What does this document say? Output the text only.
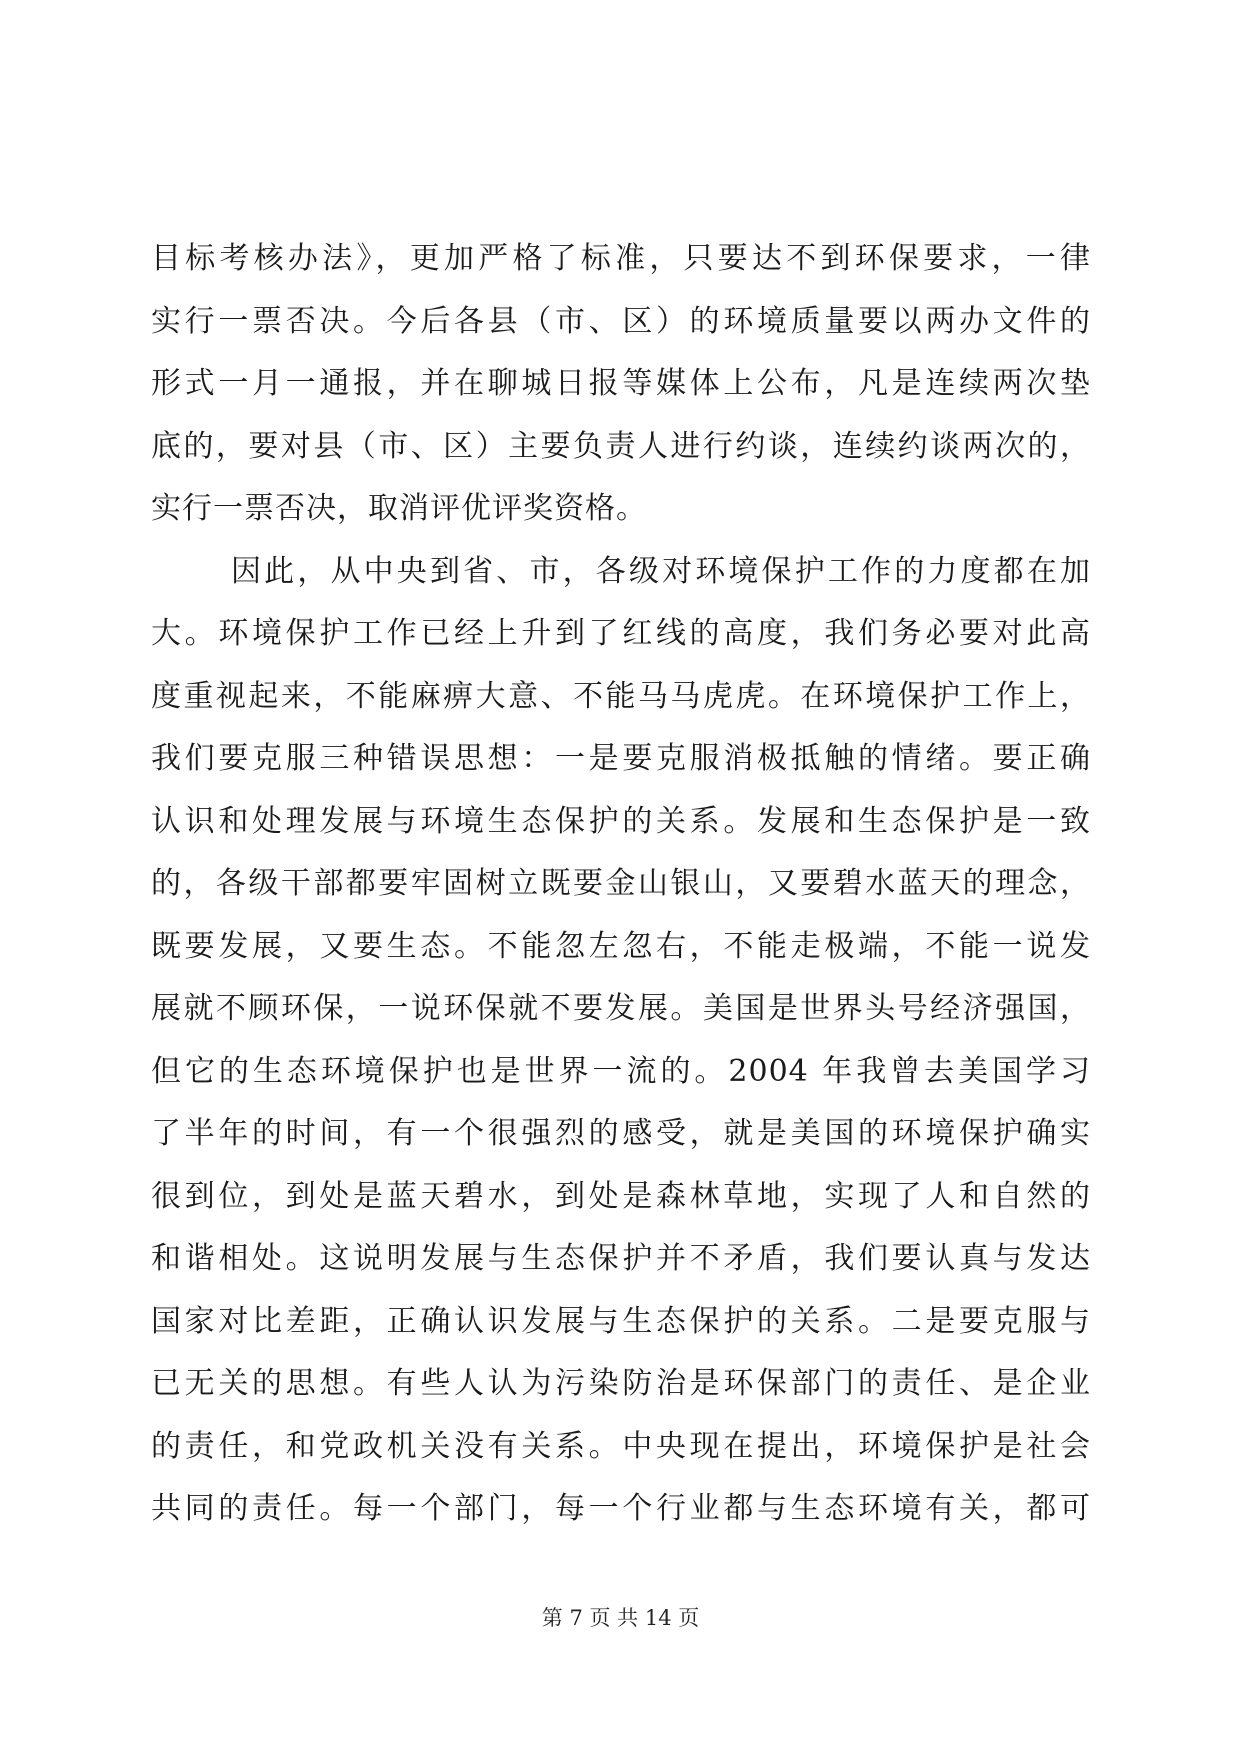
目标考核办法》，更加严格了标准，只要达不到环保要求，一律
实行一票否决。今后各县（市、区）的环境质量要以两办文件的
形式一月一通报，并在聊城日报等媒体上公布，凡是连续两次垫
底的，要对县（市、区）主要负责人进行约谈，连续约谈两次的，
实行一票否决，取消评优评奖资格。
因此，从中央到省、市，各级对环境保护工作的力度都在加
大。环境保护工作已经上升到了红线的高度，我们务必要对此高
度重视起来，不能麻痹大意、不能马马虎虎。在环境保护工作上，
我们要克服三种错误思想：一是要克服消极抵触的情绪。要正确
认识和处理发展与环境生态保护的关系。发展和生态保护是一致
的，各级干部都要牢固树立既要金山银山，又要碧水蓝天的理念，
既要发展，又要生态。不能忽左忽右，不能走极端，不能一说发
展就不顾环保，一说环保就不要发展。美国是世界头号经济强国，
但它的生态环境保护也是世界一流的。2004 年我曾去美国学习
了半年的时间，有一个很强烈的感受，就是美国的环境保护确实
很到位，到处是蓝天碧水，到处是森林草地，实现了人和自然的
和谐相处。这说明发展与生态保护并不矛盾，我们要认真与发达
国家对比差距，正确认识发展与生态保护的关系。二是要克服与
已无关的思想。有些人认为污染防治是环保部门的责任、是企业
的责任，和党政机关没有关系。中央现在提出，环境保护是社会
共同的责任。每一个部门，每一个行业都与生态环境有关，都可
第 7 页 共 14 页
